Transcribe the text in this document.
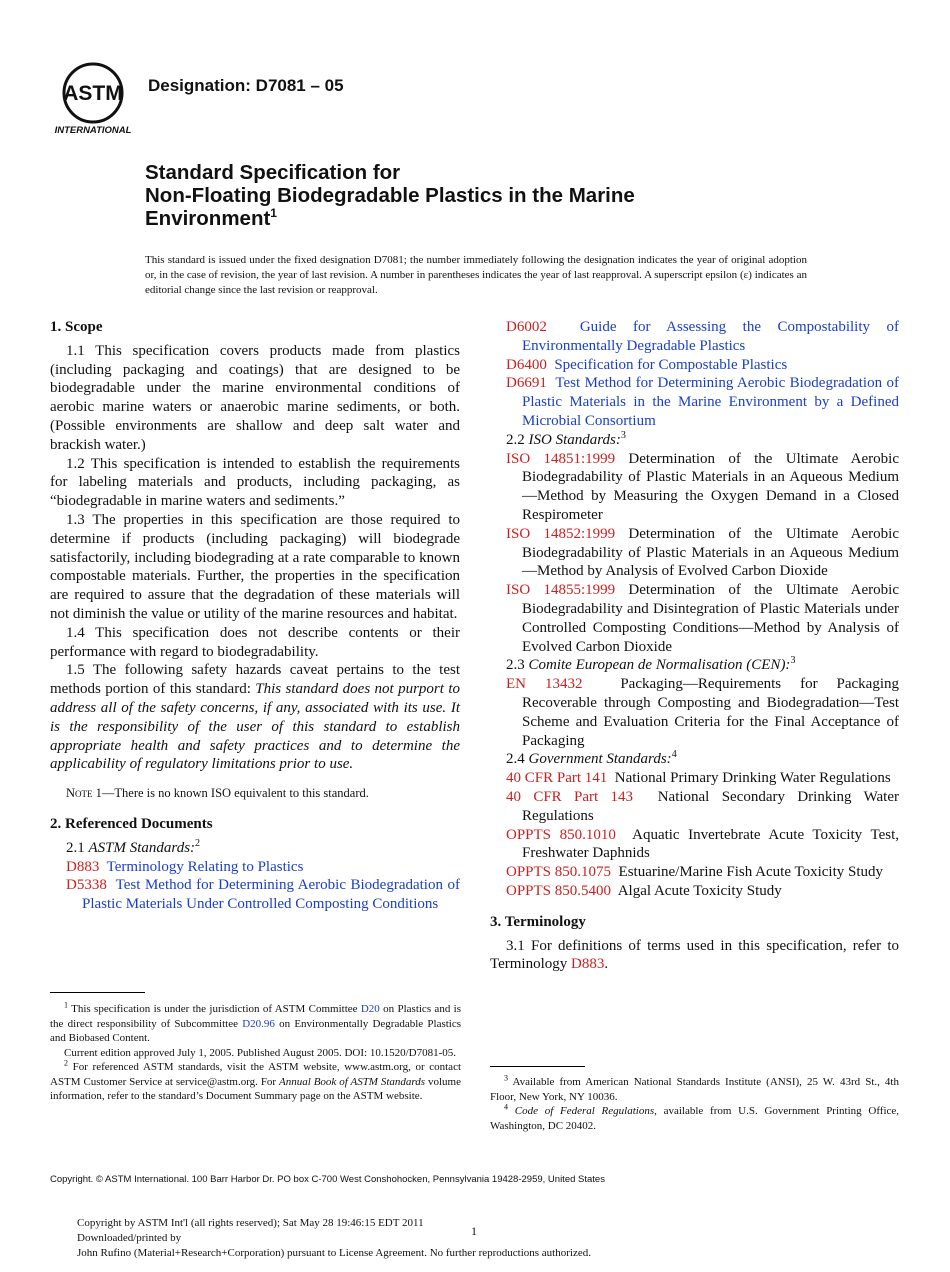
ASTM
INTERNATIONAL
Designation: D7081 – 05
Standard Specification for
Non-Floating Biodegradable Plastics in the Marine
Environment$^1$
This standard is issued under the fixed designation D7081; the number immediately following the designation indicates the year of original adoption or, in the case of revision, the year of last revision. A number in parentheses indicates the year of last reapproval. A superscript epsilon (ε) indicates an editorial change since the last revision or reapproval.

1. Scope

1.1 This specification covers products made from plastics (including packaging and coatings) that are designed to be biodegradable under the marine environmental conditions of aerobic marine waters or anaerobic marine sediments, or both. (Possible environments are shallow and deep salt water and brackish water.)

1.2 This specification is intended to establish the requirements for labeling materials and products, including packaging, as “biodegradable in marine waters and sediments.”

1.3 The properties in this specification are those required to determine if products (including packaging) will biodegrade satisfactorily, including biodegrading at a rate comparable to known compostable materials. Further, the properties in the specification are required to assure that the degradation of these materials will not diminish the value or utility of the marine resources and habitat.

1.4 This specification does not describe contents or their performance with regard to biodegradability.

1.5 The following safety hazards caveat pertains to the test methods portion of this standard: This standard does not purport to address all of the safety concerns, if any, associated with its use. It is the responsibility of the user of this standard to establish appropriate health and safety practices and to determine the applicability of regulatory limitations prior to use.

Note 1—There is no known ISO equivalent to this standard.

2. Referenced Documents

2.1 ASTM Standards:$^2$

D883 Terminology Relating to Plastics

D5338 Test Method for Determining Aerobic Biodegradation of Plastic Materials Under Controlled Composting Conditions

D6002 Guide for Assessing the Compostability of Environmentally Degradable Plastics

D6400 Specification for Compostable Plastics

D6691 Test Method for Determining Aerobic Biodegradation of Plastic Materials in the Marine Environment by a Defined Microbial Consortium

2.2 ISO Standards:$^3$

ISO 14851:1999 Determination of the Ultimate Aerobic Biodegradability of Plastic Materials in an Aqueous Medium—Method by Measuring the Oxygen Demand in a Closed Respirometer

ISO 14852:1999 Determination of the Ultimate Aerobic Biodegradability of Plastic Materials in an Aqueous Medium—Method by Analysis of Evolved Carbon Dioxide

ISO 14855:1999 Determination of the Ultimate Aerobic Biodegradability and Disintegration of Plastic Materials under Controlled Composting Conditions—Method by Analysis of Evolved Carbon Dioxide

2.3 Comite European de Normalisation (CEN):$^3$

EN 13432	Packaging—Requirements for Packaging Recoverable through Composting and Biodegradation—Test Scheme and Evaluation Criteria for the Final Acceptance of Packaging

2.4 Government Standards:$^4$

40 CFR Part 141 National Primary Drinking Water Regulations

40 CFR Part 143 National Secondary Drinking Water Regulations

OPPTS 850.1010 Aquatic Invertebrate Acute Toxicity Test, Freshwater Daphnids

OPPTS 850.1075 Estuarine/Marine Fish Acute Toxicity Study

OPPTS 850.5400 Algal Acute Toxicity Study

3. Terminology

3.1 For definitions of terms used in this specification, refer to Terminology D883.

$^1$ This specification is under the jurisdiction of ASTM Committee D20 on Plastics and is the direct responsibility of Subcommittee D20.96 on Environmentally Degradable Plastics and Biobased Content.

Current edition approved July 1, 2005. Published August 2005. DOI: 10.1520/D7081-05.

$^2$ For referenced ASTM standards, visit the ASTM website, www.astm.org, or contact ASTM Customer Service at service@astm.org. For Annual Book of ASTM Standards volume information, refer to the standard’s Document Summary page on the ASTM website.

$^3$ Available from American National Standards Institute (ANSI), 25 W. 43rd St., 4th Floor, New York, NY 10036.

$^4$ Code of Federal Regulations, available from U.S. Government Printing Office, Washington, DC 20402.

Copyright. © ASTM International. 100 Barr Harbor Dr. PO box C-700 West Conshohocken, Pennsylvania 19428-2959, United States
Copyright by ASTM Int'l (all rights reserved); Sat May 28 19:46:15 EDT 2011
Downloaded/printed by
John Rufino (Material+Research+Corporation) pursuant to License Agreement. No further reproductions authorized.
1
